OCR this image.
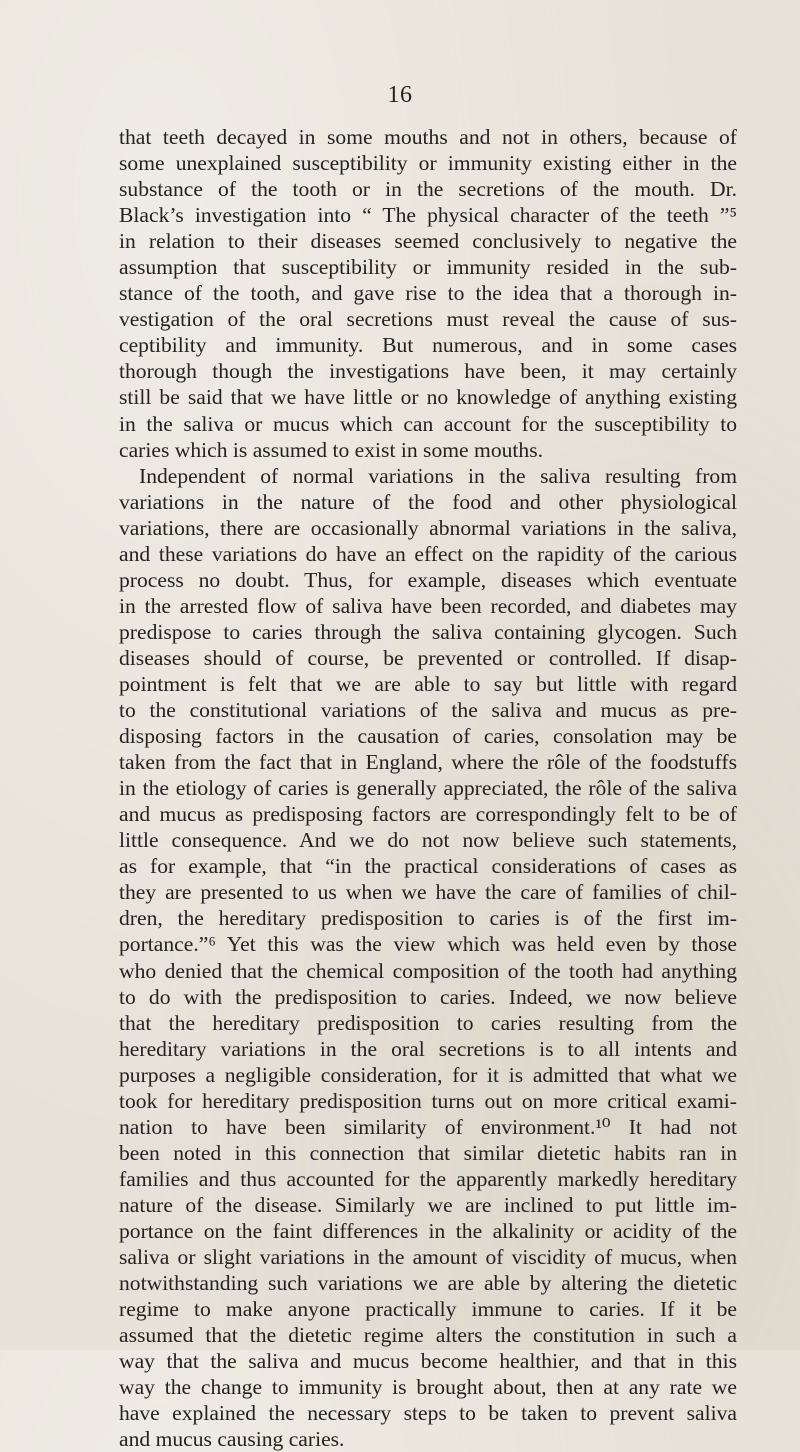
16
that teeth decayed in some mouths and not in others, because of
some unexplained susceptibility or immunity existing either in the
substance of the tooth or in the secretions of the mouth. Dr.
Black’s investigation into “ The physical character of the teeth ”⁵
in relation to their diseases seemed conclusively to negative the
assumption that susceptibility or immunity resided in the sub-
stance of the tooth, and gave rise to the idea that a thorough in-
vestigation of the oral secretions must reveal the cause of sus-
ceptibility and immunity. But numerous, and in some cases
thorough though the investigations have been, it may certainly
still be said that we have little or no knowledge of anything existing
in the saliva or mucus which can account for the susceptibility to
caries which is assumed to exist in some mouths.
Independent of normal variations in the saliva resulting from
variations in the nature of the food and other physiological
variations, there are occasionally abnormal variations in the saliva,
and these variations do have an effect on the rapidity of the carious
process no doubt. Thus, for example, diseases which eventuate
in the arrested flow of saliva have been recorded, and diabetes may
predispose to caries through the saliva containing glycogen. Such
diseases should of course, be prevented or controlled. If disap-
pointment is felt that we are able to say but little with regard
to the constitutional variations of the saliva and mucus as pre-
disposing factors in the causation of caries, consolation may be
taken from the fact that in England, where the rôle of the foodstuffs
in the etiology of caries is generally appreciated, the rôle of the saliva
and mucus as predisposing factors are correspondingly felt to be of
little consequence. And we do not now believe such statements,
as for example, that “in the practical considerations of cases as
they are presented to us when we have the care of families of chil-
dren, the hereditary predisposition to caries is of the first im-
portance.”⁶ Yet this was the view which was held even by those
who denied that the chemical composition of the tooth had anything
to do with the predisposition to caries. Indeed, we now believe
that the hereditary predisposition to caries resulting from the
hereditary variations in the oral secretions is to all intents and
purposes a negligible consideration, for it is admitted that what we
took for hereditary predisposition turns out on more critical exami-
nation to have been similarity of environment.¹⁰ It had not
been noted in this connection that similar dietetic habits ran in
families and thus accounted for the apparently markedly hereditary
nature of the disease. Similarly we are inclined to put little im-
portance on the faint differences in the alkalinity or acidity of the
saliva or slight variations in the amount of viscidity of mucus, when
notwithstanding such variations we are able by altering the dietetic
regime to make anyone practically immune to caries. If it be
assumed that the dietetic regime alters the constitution in such a
way that the saliva and mucus become healthier, and that in this
way the change to immunity is brought about, then at any rate we
have explained the necessary steps to be taken to prevent saliva
and mucus causing caries.
